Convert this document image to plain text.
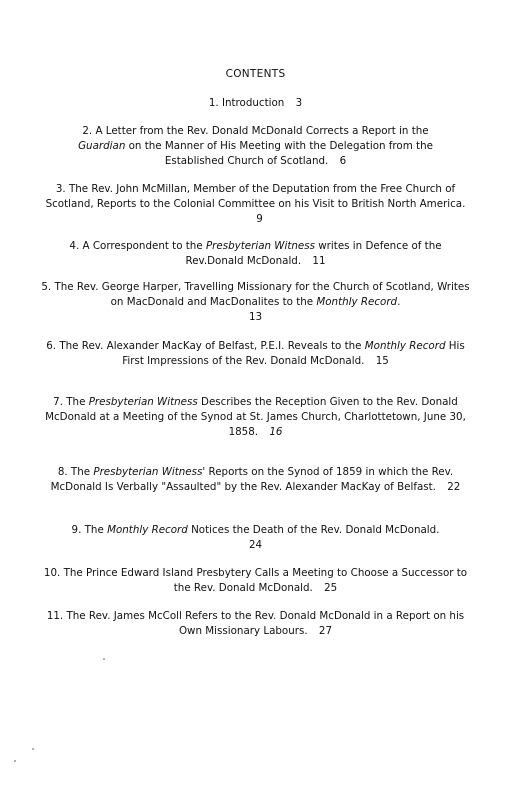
CONTENTS
1. Introduction 3
2. A Letter from the Rev. Donald McDonald Corrects a Report in the
Guardian on the Manner of His Meeting with the Delegation from the
Established Church of Scotland. 6
3. The Rev. John McMillan, Member of the Deputation from the Free Church of Scotland, Reports to the Colonial Committee on his Visit to British North America. 9
4. A Correspondent to the Presbyterian Witness writes in Defence of the Rev.Donald McDonald. 11
5. The Rev. George Harper, Travelling Missionary for the Church of Scotland, Writes on MacDonald and MacDonalites to the Monthly Record.
13
6. The Rev. Alexander MacKay of Belfast, P.E.I. Reveals to the Monthly Record His First Impressions of the Rev. Donald McDonald. 15
7. The Presbyterian Witness Describes the Reception Given to the Rev. Donald McDonald at a Meeting of the Synod at St. James Church, Charlottetown, June 30, 1858. 16
8. The Presbyterian Witness' Reports on the Synod of 1859 in which the Rev. McDonald Is Verbally "Assaulted" by the Rev. Alexander MacKay of Belfast. 22
9. The Monthly Record Notices the Death of the Rev. Donald McDonald.
24
10. The Prince Edward Island Presbytery Calls a Meeting to Choose a Successor to the Rev. Donald McDonald. 25
11. The Rev. James McColl Refers to the Rev. Donald McDonald in a Report on his Own Missionary Labours. 27
